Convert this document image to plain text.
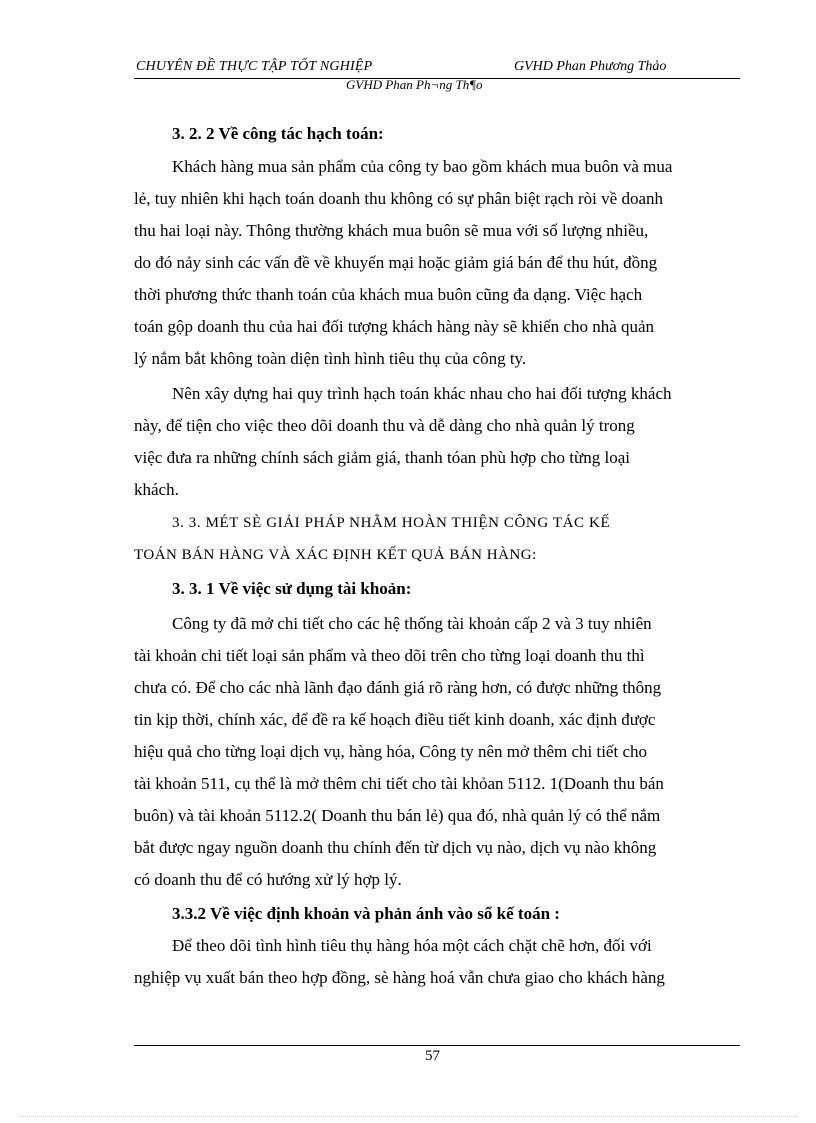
CHUYÊN ĐỀ THỰC TẬP TỐT NGHIỆP	GVHD Phan Phương Thảo
GVHD Phan Ph¬ng Th¶o
3. 2. 2 Về công tác hạch toán:
Khách hàng mua sản phẩm của công ty bao gồm khách mua buôn và mua
lẻ, tuy nhiên khi hạch toán doanh thu không có sự phân biệt rạch ròi về doanh
thu hai loại này. Thông thường khách mua buôn sẽ mua với số lượng nhiều,
do đó nảy sinh các vấn đề về khuyến mại hoặc giảm giá bán để thu hút, đồng
thời phương thức thanh toán của khách mua buôn cũng đa dạng. Việc hạch
toán gộp doanh thu của hai đối tượng khách hàng này sẽ khiến cho nhà quản
lý nắm bắt không toàn diện tình hình tiêu thụ của công ty.
Nên xây dựng hai quy trình hạch toán khác nhau cho hai đối tượng khách
này, để tiện cho việc theo dõi doanh thu và dễ dàng cho nhà quản lý trong
việc đưa ra những chính sách giảm giá, thanh tóan phù hợp cho từng loại
khách.
3. 3. MÉT SÈ GIẢI PHÁP NHẰM HOÀN THIỆN CÔNG TÁC KẾ
TOÁN BÁN HÀNG VÀ XÁC ĐỊNH KẾT QUẢ BÁN HÀNG:
3. 3. 1 Về việc sử dụng tài khoản:
Công ty đã mở chi tiết cho các hệ thống tài khoản cấp 2 và 3 tuy nhiên
tài khoản chi tiết loại sản phẩm và theo dõi trên cho từng loại doanh thu thì
chưa có. Để cho các nhà lãnh đạo đánh giá rõ ràng hơn, có được những thông
tin kịp thời, chính xác, để đề ra kế hoạch điều tiết kinh doanh, xác định được
hiệu quả cho từng loại dịch vụ, hàng hóa, Công ty nên mở thêm chi tiết cho
tài khoản 511, cụ thể là mở thêm chi tiết cho tài khỏan 5112. 1(Doanh thu bán
buôn) và tài khoản 5112.2( Doanh thu bán lẻ) qua đó, nhà quản lý có thể nắm
bắt được ngay nguồn doanh thu chính đến từ dịch vụ nào, dịch vụ nào không
có doanh thu để có hướng xử lý hợp lý.
3.3.2 Về việc định khoản và phản ánh vào sổ kế toán :
Để theo dõi tình hình tiêu thụ hàng hóa một cách chặt chẽ hơn, đối với
nghiệp vụ xuất bán theo hợp đồng, sè hàng hoá vẫn chưa giao cho khách hàng
57
